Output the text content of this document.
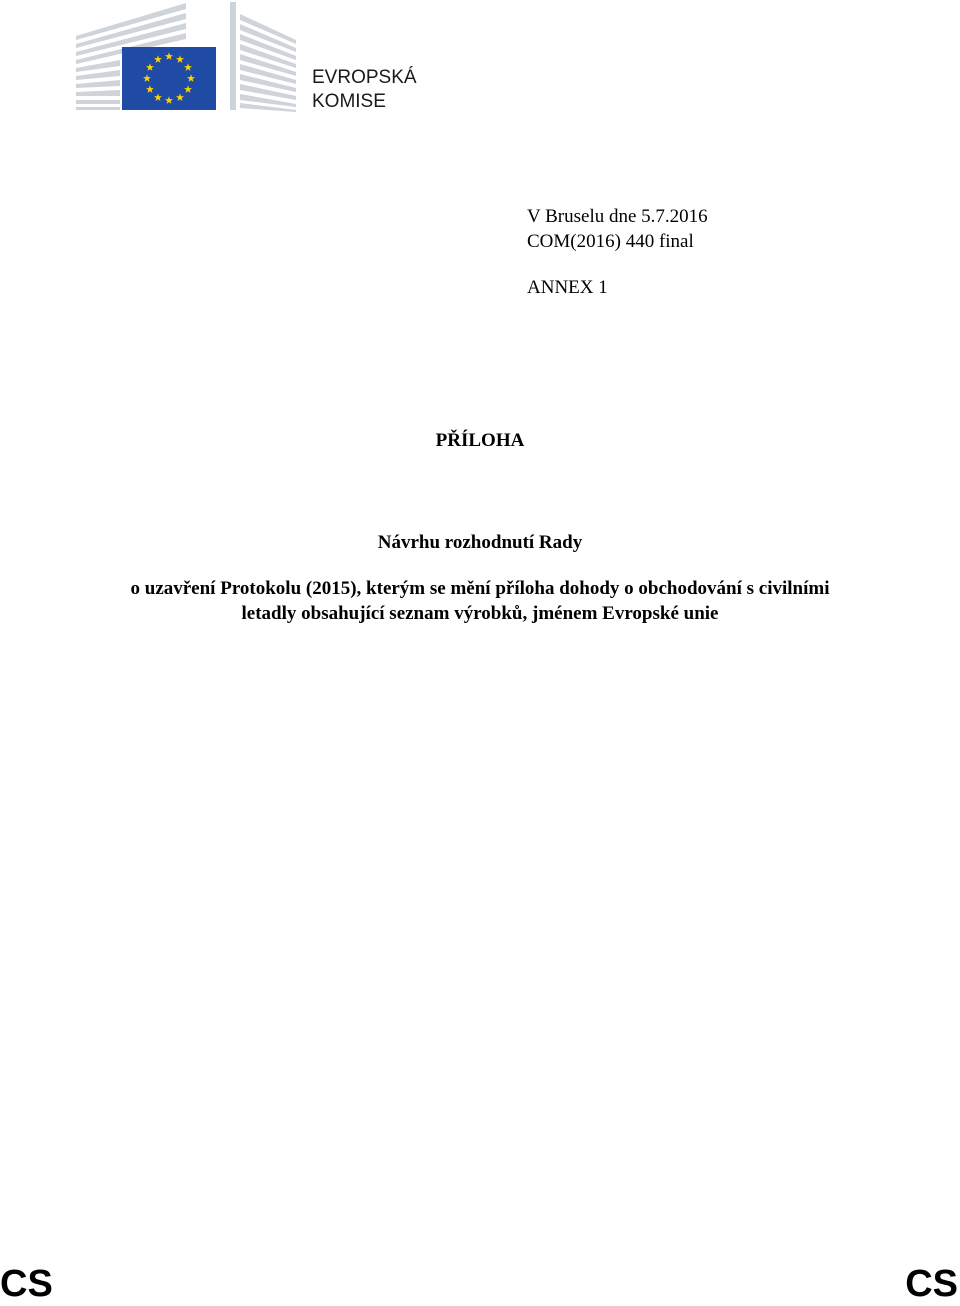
EVROPSKÁ
KOMISE
V Bruselu dne 5.7.2016
COM(2016) 440 final
ANNEX 1
PŘÍLOHA
Návrhu rozhodnutí Rady
o uzavření Protokolu (2015), kterým se mění příloha dohody o obchodování s civilními
letadly obsahující seznam výrobků, jménem Evropské unie
CS	CS
